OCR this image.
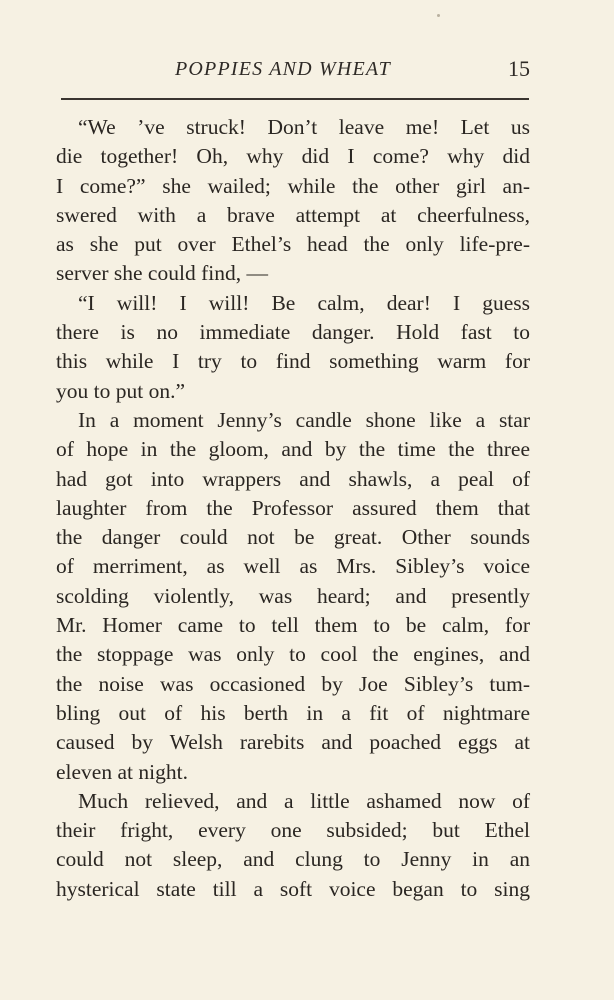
POPPIES AND WHEAT	15
“We ’ve struck! Don’t leave me! Let us
die together! Oh, why did I come? why did
I come?” she wailed; while the other girl an-
swered with a brave attempt at cheerfulness,
as she put over Ethel’s head the only life-pre-
server she could find, —
“I will! I will! Be calm, dear! I guess
there is no immediate danger. Hold fast to
this while I try to find something warm for
you to put on.”
In a moment Jenny’s candle shone like a star
of hope in the gloom, and by the time the three
had got into wrappers and shawls, a peal of
laughter from the Professor assured them that
the danger could not be great. Other sounds
of merriment, as well as Mrs. Sibley’s voice
scolding violently, was heard; and presently
Mr. Homer came to tell them to be calm, for
the stoppage was only to cool the engines, and
the noise was occasioned by Joe Sibley’s tum-
bling out of his berth in a fit of nightmare
caused by Welsh rarebits and poached eggs at
eleven at night.
Much relieved, and a little ashamed now of
their fright, every one subsided; but Ethel
could not sleep, and clung to Jenny in an
hysterical state till a soft voice began to sing
